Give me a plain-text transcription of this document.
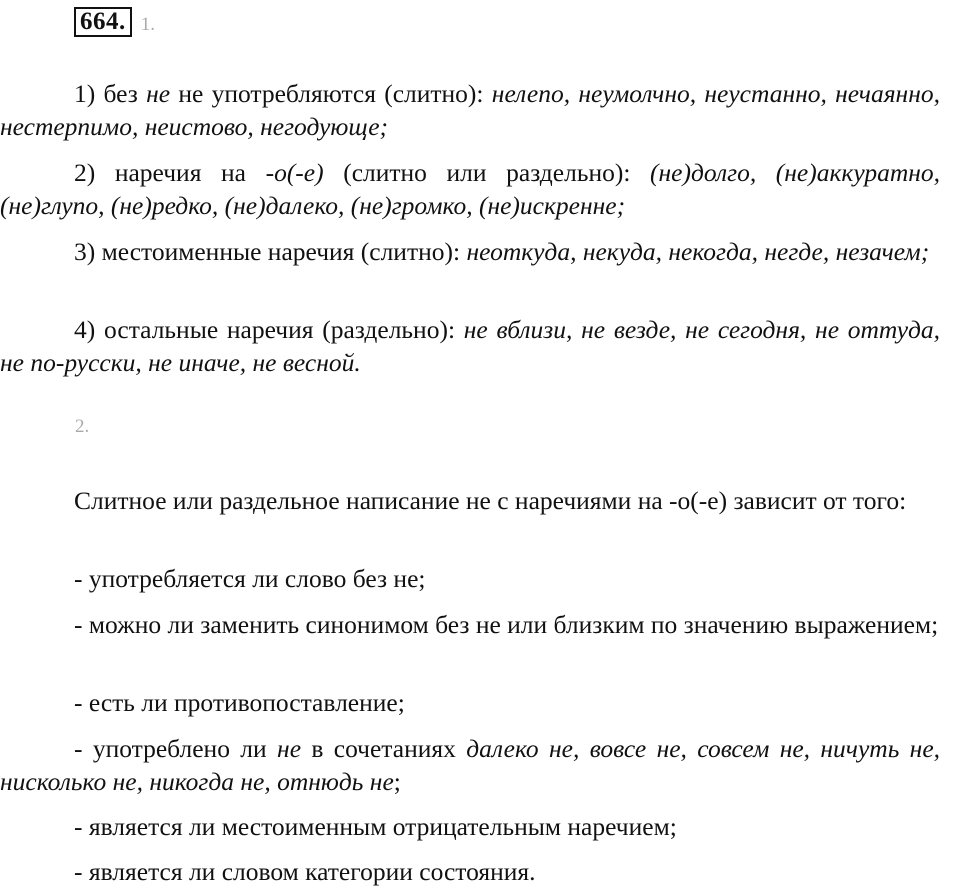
664. 1.

1) без не не употребляются (слитно): нелепо, неумолчно, неустанно, нечаянно, нестерпимо, неистово, негодующе;

2) наречия на -о(-е) (слитно или раздельно): (не)долго, (не)аккуратно, (не)глупо, (не)редко, (не)далеко, (не)громко, (не)искренне;

3) местоименные наречия (слитно): неоткуда, некуда, некогда, негде, незачем;

4) остальные наречия (раздельно): не вблизи, не везде, не сегодня, не оттуда, не по-русски, не иначе, не весной.

2.

Слитное или раздельное написание не с наречиями на -о(-е) зависит от того:

- употребляется ли слово без не;

- можно ли заменить синонимом без не или близким по значению выражением;

- есть ли противопоставление;

- употреблено ли не в сочетаниях далеко не, вовсе не, совсем не, ничуть не, нисколько не, никогда не, отнюдь не;

- является ли местоименным отрицательным наречием;
- является ли словом категории состояния.
